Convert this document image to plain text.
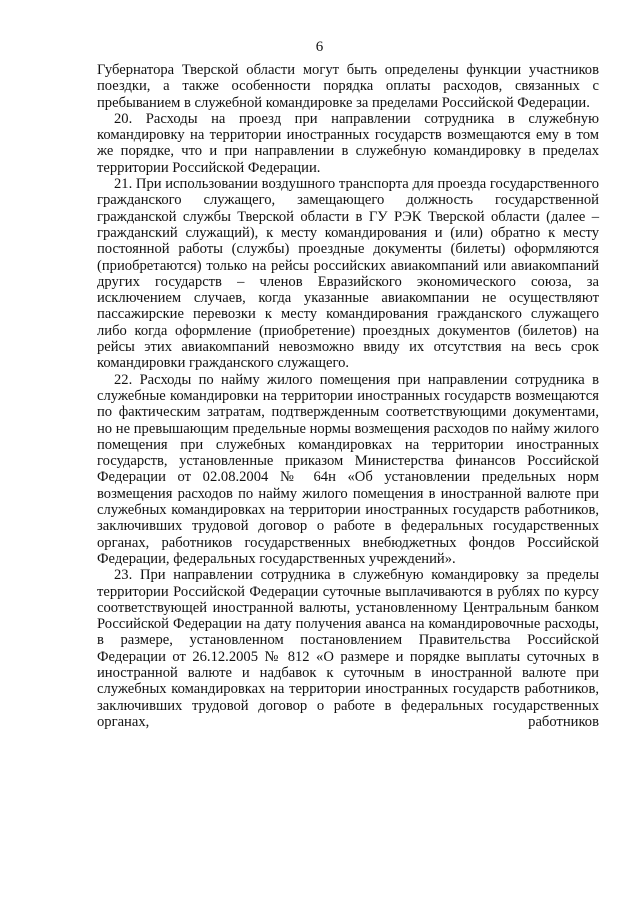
6

Губернатора Тверской области могут быть определены функции участников поездки, а также особенности порядка оплаты расходов, связанных с пребыванием в служебной командировке за пределами Российской Федерации.

20. Расходы на проезд при направлении сотрудника в служебную командировку на территории иностранных государств возмещаются ему в том же порядке, что и при направлении в служебную командировку в пределах территории Российской Федерации.

21. При использовании воздушного транспорта для проезда государственного гражданского служащего, замещающего должность государственной гражданской службы Тверской области в ГУ РЭК Тверской области (далее – гражданский служащий), к месту командирования и (или) обратно к месту постоянной работы (службы) проездные документы (билеты) оформляются (приобретаются) только на рейсы российских авиакомпаний или авиакомпаний других государств – членов Евразийского экономического союза, за исключением случаев, когда указанные авиакомпании не осуществляют пассажирские перевозки к месту командирования гражданского служащего либо когда оформление (приобретение) проездных документов (билетов) на рейсы этих авиакомпаний невозможно ввиду их отсутствия на весь срок командировки гражданского служащего.

22. Расходы по найму жилого помещения при направлении сотрудника в служебные командировки на территории иностранных государств возмещаются по фактическим затратам, подтвержденным соответствующими документами, но не превышающим предельные нормы возмещения расходов по найму жилого помещения при служебных командировках на территории иностранных государств, установленные приказом Министерства финансов Российской Федерации от 02.08.2004 № 64н «Об установлении предельных норм возмещения расходов по найму жилого помещения в иностранной валюте при служебных командировках на территории иностранных государств работников, заключивших трудовой договор о работе в федеральных государственных органах, работников государственных внебюджетных фондов Российской Федерации, федеральных государственных учреждений».

23. При направлении сотрудника в служебную командировку за пределы территории Российской Федерации суточные выплачиваются в рублях по курсу соответствующей иностранной валюты, установленному Центральным банком Российской Федерации на дату получения аванса на командировочные расходы, в размере, установленном постановлением Правительства Российской Федерации от 26.12.2005 № 812 «О размере и порядке выплаты суточных в иностранной валюте и надбавок к суточным в иностранной валюте при служебных командировках на территории иностранных государств работников, заключивших трудовой договор о работе в федеральных государственных органах, работников
